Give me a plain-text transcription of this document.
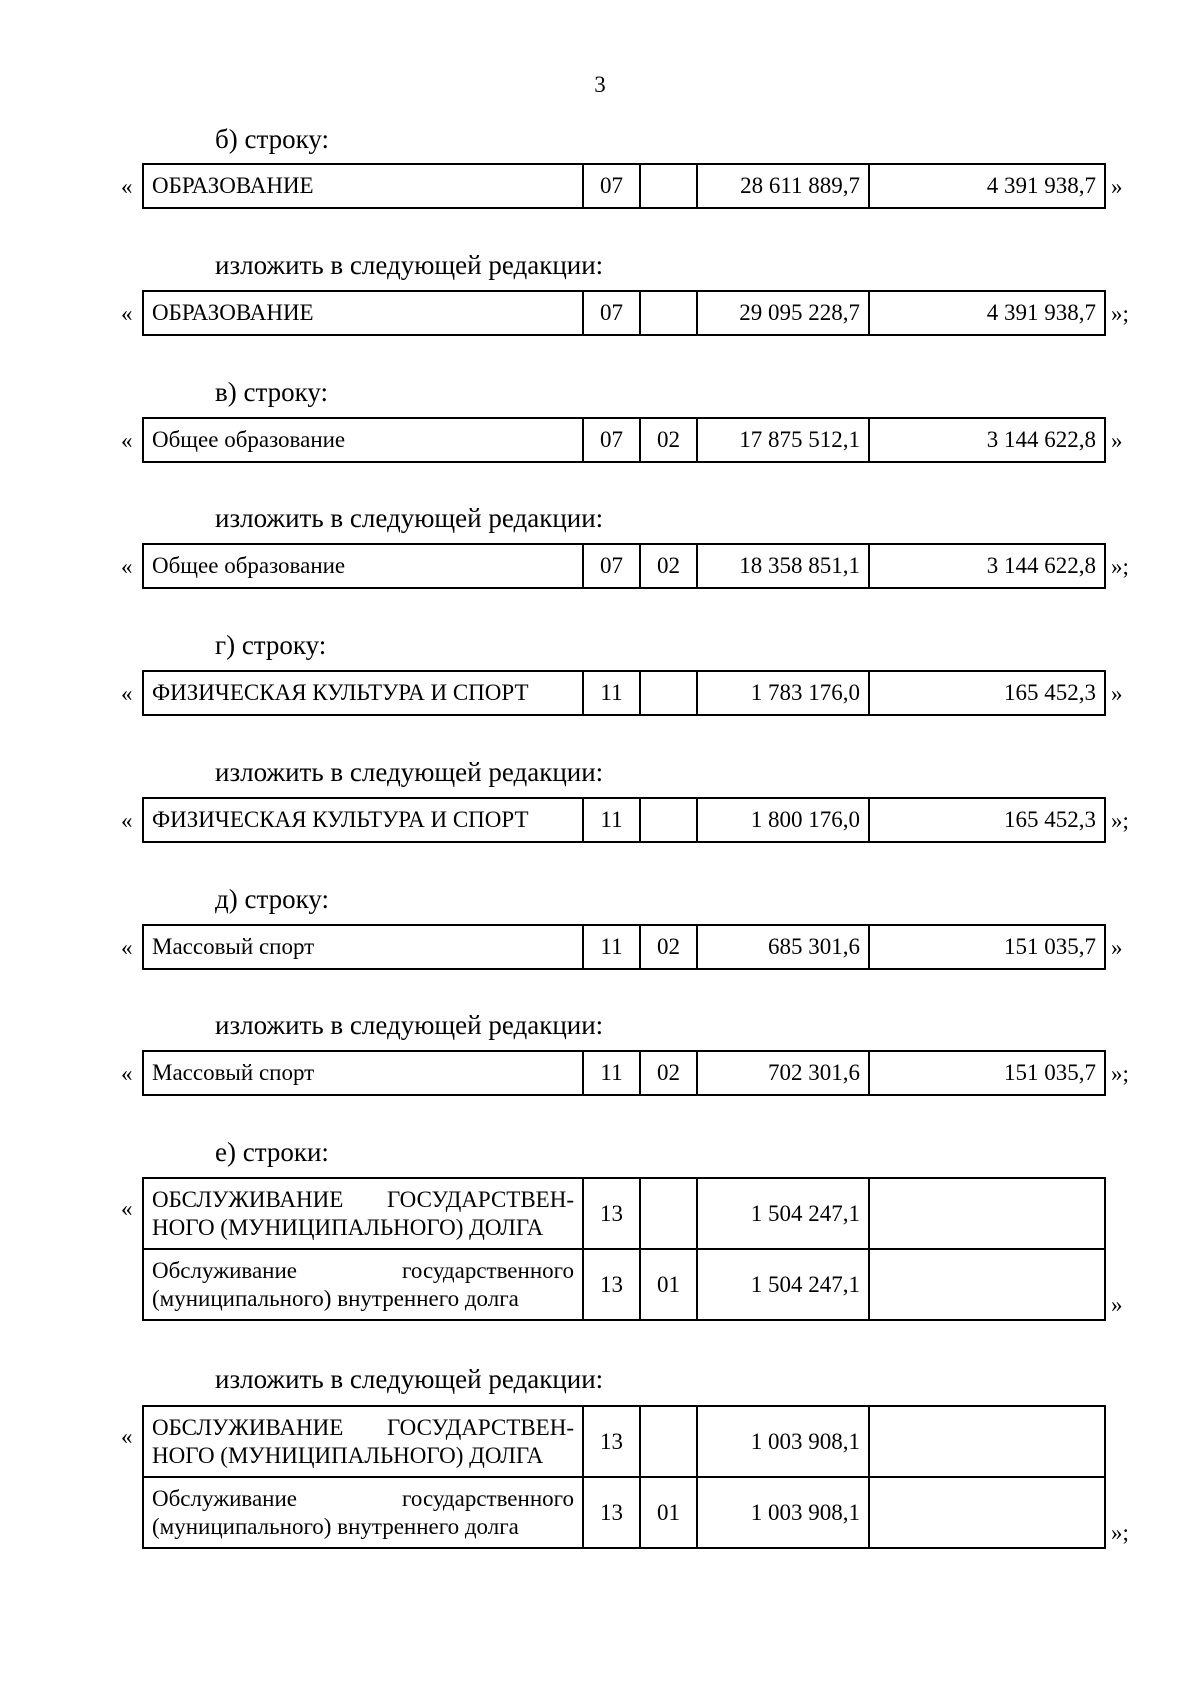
3
б) строку:
« ОБРАЗОВАНИЕ	07		28 611 889,7	4 391 938,7 »
изложить в следующей редакции:
« ОБРАЗОВАНИЕ	07		29 095 228,7	4 391 938,7 »;
в) строку:
« Общее образование	07	02	17 875 512,1	3 144 622,8 »
изложить в следующей редакции:
« Общее образование	07	02	18 358 851,1	3 144 622,8 »;
г) строку:
« ФИЗИЧЕСКАЯ КУЛЬТУРА И СПОРТ	11		1 783 176,0	165 452,3 »
изложить в следующей редакции:
« ФИЗИЧЕСКАЯ КУЛЬТУРА И СПОРТ	11		1 800 176,0	165 452,3 »;
д) строку:
« Массовый спорт	11	02	685 301,6	151 035,7 »
изложить в следующей редакции:
« Массовый спорт	11	02	702 301,6	151 035,7 »;
е) строки:
« ОБСЛУЖИВАНИЕ ГОСУДАРСТВЕН-НОГО (МУНИЦИПАЛЬНОГО) ДОЛГА	13		1 504 247,1	
Обслуживание государственного (муниципального) внутреннего долга	13	01	1 504 247,1	
»
изложить в следующей редакции:
« ОБСЛУЖИВАНИЕ ГОСУДАРСТВЕН-НОГО (МУНИЦИПАЛЬНОГО) ДОЛГА	13		1 003 908,1	
Обслуживание государственного (муниципального) внутреннего долга	13	01	1 003 908,1	
»;
